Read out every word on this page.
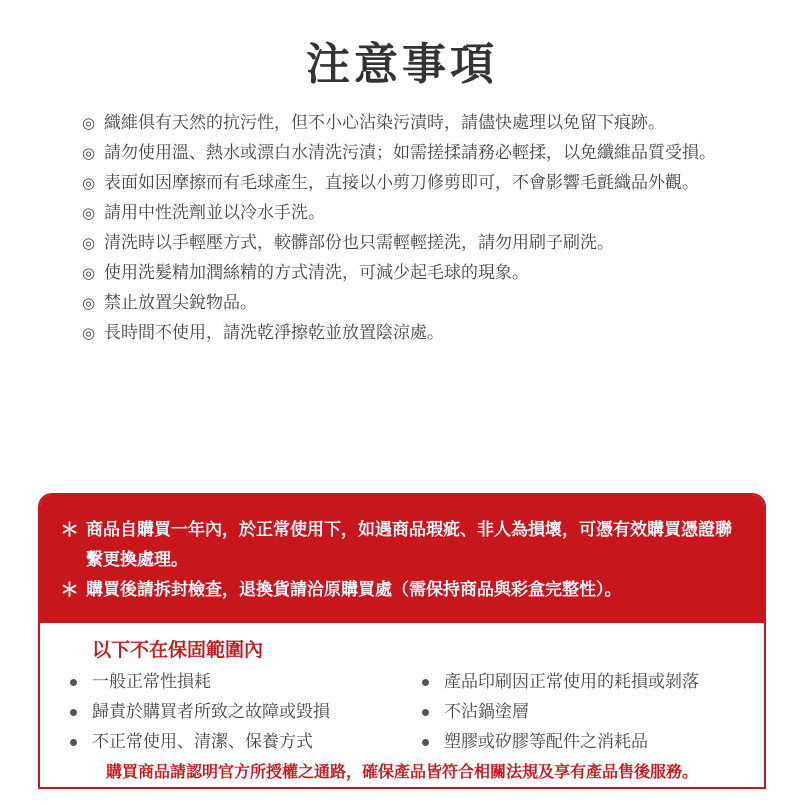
注意事項
◎ 織維俱有天然的抗污性，但不小心沾染污漬時，請儘快處理以免留下痕跡。
◎ 請勿使用溫、熱水或漂白水清洗污漬；如需搓揉請務必輕揉，以免纖維品質受損。
◎ 表面如因摩擦而有毛球產生，直接以小剪刀修剪即可，不會影響毛氈織品外觀。
◎ 請用中性洗劑並以冷水手洗。
◎ 清洗時以手輕壓方式，較髒部份也只需輕輕搓洗，請勿用刷子刷洗。
◎ 使用洗髮精加潤絲精的方式清洗，可減少起毛球的現象。
◎ 禁止放置尖銳物品。
◎ 長時間不使用，請洗乾淨擦乾並放置陰涼處。
＊ 商品自購買一年內，於正常使用下，如遇商品瑕疵、非人為損壞，可憑有效購買憑證聯繫更換處理。
＊ 購買後請拆封檢查，退換貨請洽原購買處（需保持商品與彩盒完整性）。
以下不在保固範圍內
一般正常性損耗
歸責於購買者所致之故障或毀損
不正常使用、清潔、保養方式
產品印刷因正常使用的耗損或剝落
不沾鍋塗層
塑膠或矽膠等配件之消耗品
購買商品請認明官方所授權之通路，確保產品皆符合相關法規及享有產品售後服務。
